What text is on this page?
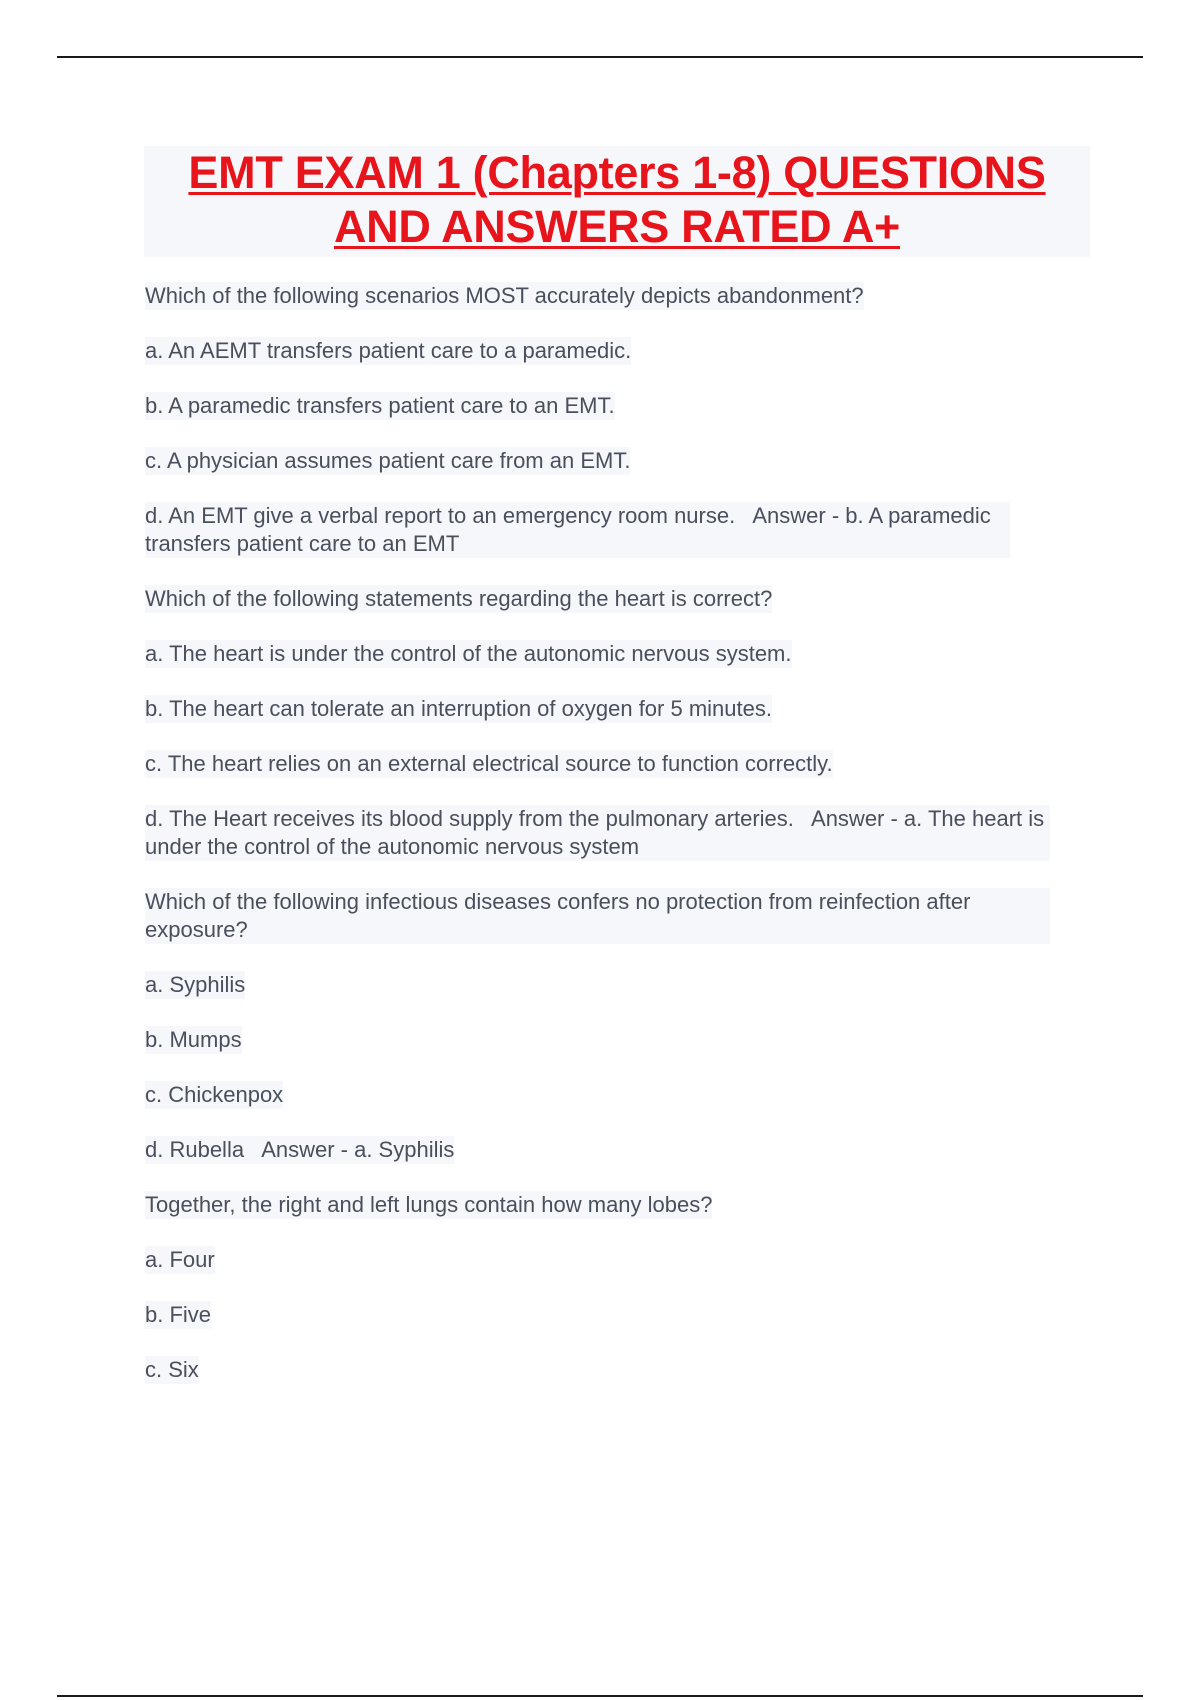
EMT EXAM 1 (Chapters 1-8) QUESTIONS
AND ANSWERS RATED A+
Which of the following scenarios MOST accurately depicts abandonment?
a. An AEMT transfers patient care to a paramedic.
b. A paramedic transfers patient care to an EMT.
c. A physician assumes patient care from an EMT.
d. An EMT give a verbal report to an emergency room nurse.   Answer - b. A paramedic transfers patient care to an EMT
Which of the following statements regarding the heart is correct?
a. The heart is under the control of the autonomic nervous system.
b. The heart can tolerate an interruption of oxygen for 5 minutes.
c. The heart relies on an external electrical source to function correctly.
d. The Heart receives its blood supply from the pulmonary arteries.   Answer - a. The heart is under the control of the autonomic nervous system
Which of the following infectious diseases confers no protection from reinfection after exposure?
a. Syphilis
b. Mumps
c. Chickenpox
d. Rubella   Answer - a. Syphilis
Together, the right and left lungs contain how many lobes?
a. Four
b. Five
c. Six
